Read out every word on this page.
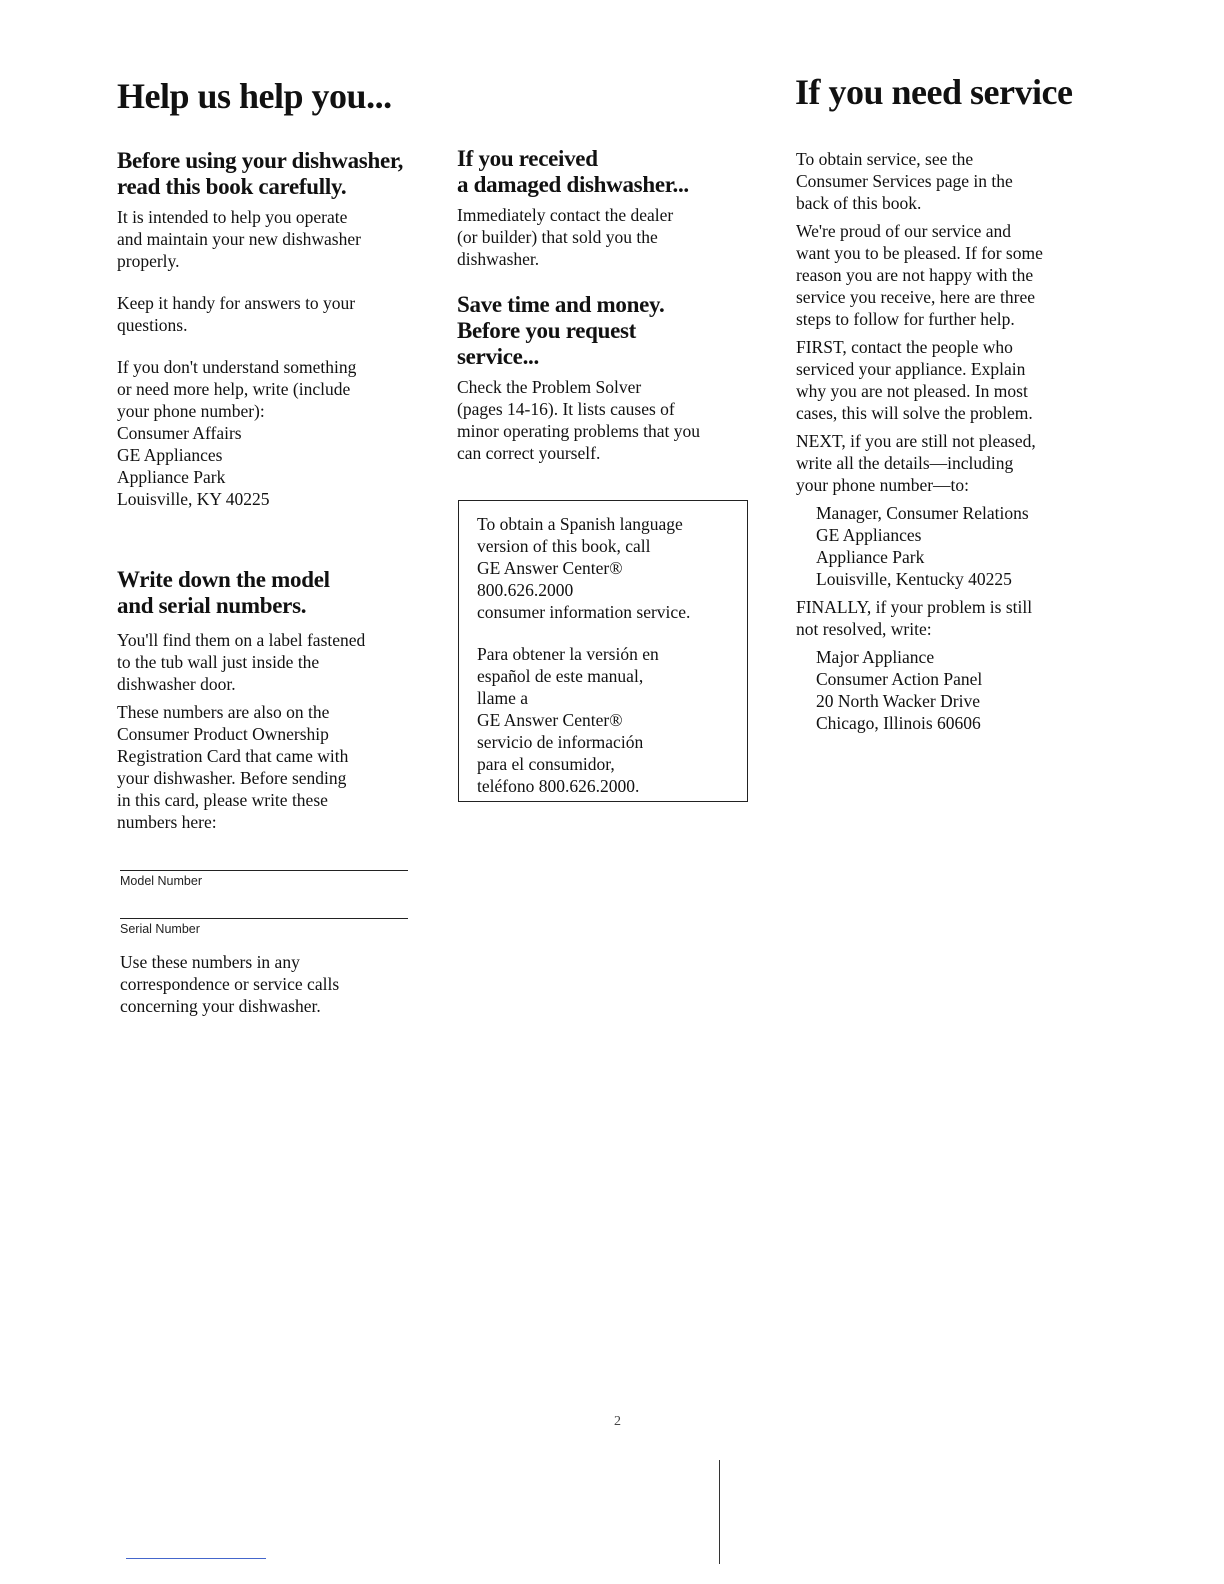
Help us help you...
Before using your dishwasher,
read this book carefully.

It is intended to help you operate
and maintain your new dishwasher
properly.

Keep it handy for answers to your
questions.

If you don't understand something
or need more help, write (include
your phone number):

Consumer Affairs
GE Appliances
Appliance Park
Louisville, KY 40225

Write down the model
and serial numbers.

You'll find them on a label fastened
to the tub wall just inside the
dishwasher door.

These numbers are also on the
Consumer Product Ownership
Registration Card that came with
your dishwasher. Before sending
in this card, please write these
numbers here:

Model Number
Serial Number

Use these numbers in any
correspondence or service calls
concerning your dishwasher.

If you received
a damaged dishwasher...

Immediately contact the dealer
(or builder) that sold you the
dishwasher.

Save time and money.
Before you request
service...

Check the Problem Solver
(pages 14-16). It lists causes of
minor operating problems that you
can correct yourself.

To obtain a Spanish language
version of this book, call
GE Answer Center®
800.626.2000
consumer information service.

Para obtener la versión en
español de este manual,
llame a
GE Answer Center®
servicio de información
para el consumidor,
teléfono 800.626.2000.

If you need service

To obtain service, see the
Consumer Services page in the
back of this book.

We're proud of our service and
want you to be pleased. If for some
reason you are not happy with the
service you receive, here are three
steps to follow for further help.

FIRST, contact the people who
serviced your appliance. Explain
why you are not pleased. In most
cases, this will solve the problem.

NEXT, if you are still not pleased,
write all the details—including
your phone number—to:

Manager, Consumer Relations
GE Appliances
Appliance Park
Louisville, Kentucky 40225

FINALLY, if your problem is still
not resolved, write:

Major Appliance
Consumer Action Panel
20 North Wacker Drive
Chicago, Illinois 60606

2
